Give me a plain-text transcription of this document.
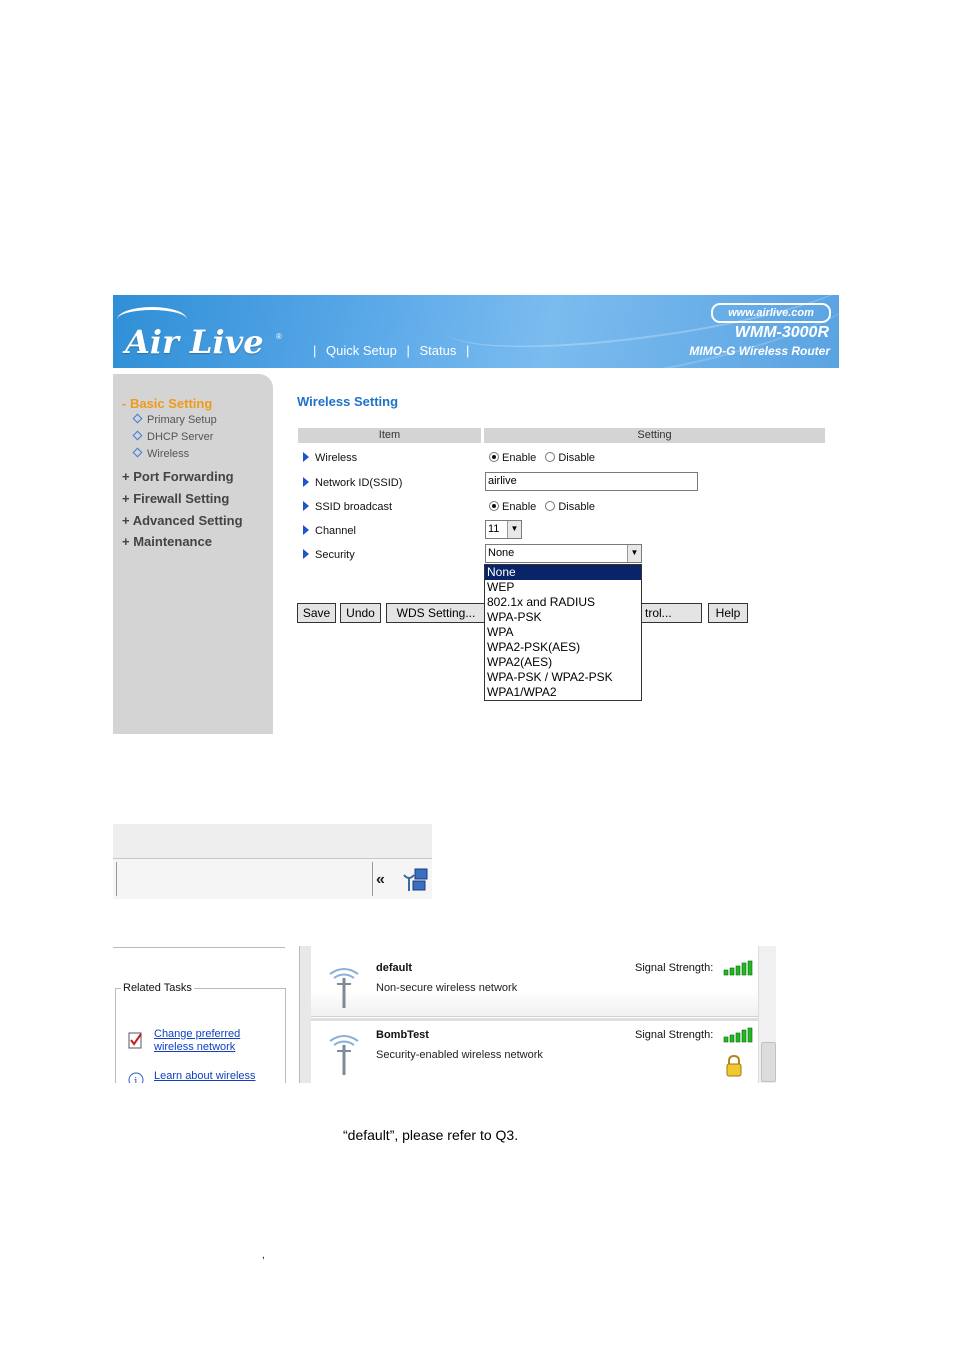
Air Live ®
| Quick Setup | Status |
www.airlive.com
WMM-3000R
MIMO-G Wireless Router
- Basic Setting
Primary Setup
DHCP Server
Wireless
+ Port Forwarding
+ Firewall Setting
+ Advanced Setting
+ Maintenance
Wireless Setting
Item	Setting
Wireless	Enable Disable
Network ID(SSID)	airlive
SSID broadcast	Enable Disable
Channel	11	▼
Security	None	▼
Save	Undo	WDS Setting...	trol...	Help
None
WEP
802.1x and RADIUS
WPA-PSK
WPA
WPA2-PSK(AES)
WPA2(AES)
WPA-PSK / WPA2-PSK
WPA1/WPA2
«
Related Tasks
Change preferred
wireless network
i Learn about wireless
default
Non-secure wireless network
Signal Strength:
BombTest
Security-enabled wireless network
Signal Strength:
“default”, please refer to Q3.
,
